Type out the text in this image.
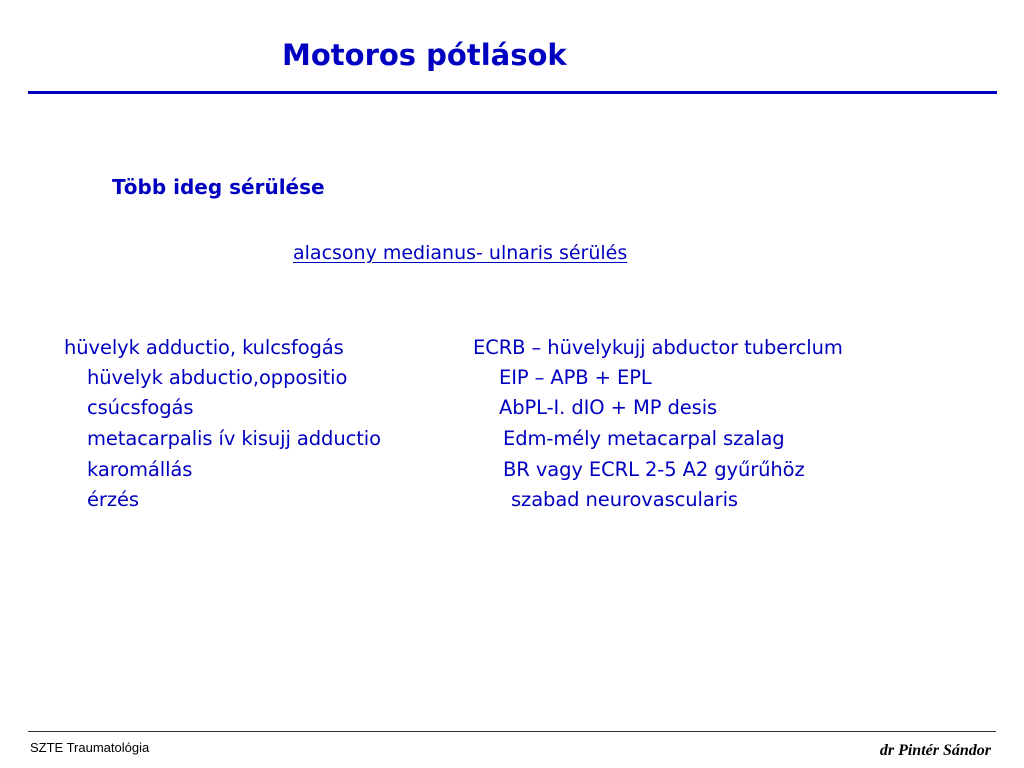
Motoros pótlások
Több ideg sérülése
alacsony medianus- ulnaris sérülés
hüvelyk adductio, kulcsfogás	ECRB – hüvelykujj abductor tuberclum
hüvelyk abductio,oppositio	EIP – APB + EPL
csúcsfogás	AbPL-I. dIO + MP desis
metacarpalis ív kisujj adductio	Edm-mély metacarpal szalag
karomállás	BR vagy ECRL 2-5 A2 gyűrűhöz
érzés	szabad neurovascularis
SZTE Traumatológia	dr Pintér Sándor
